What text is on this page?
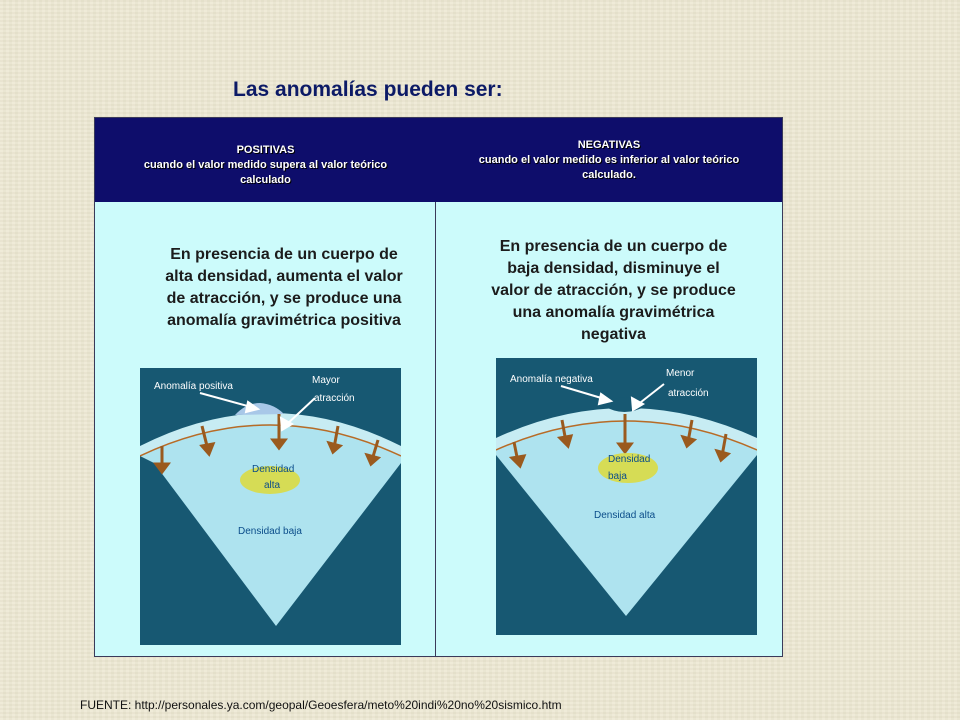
Las anomalías pueden ser:
POSITIVAS
cuando el valor medido supera al valor teórico
calculado
NEGATIVAS
cuando el valor medido es inferior al valor teórico
calculado.
En presencia de un cuerpo de
alta densidad, aumenta el valor
de atracción, y se produce una
anomalía gravimétrica positiva
Anomalía positiva
Mayor
atracción
Densidad
alta
Densidad baja
En presencia de un cuerpo de
baja densidad, disminuye el
valor de atracción, y se produce
una anomalía gravimétrica
negativa
Anomalía negativa
Menor
atracción
Densidad
baja
Densidad alta
FUENTE: http://personales.ya.com/geopal/Geoesfera/meto%20indi%20no%20sismico.htm
